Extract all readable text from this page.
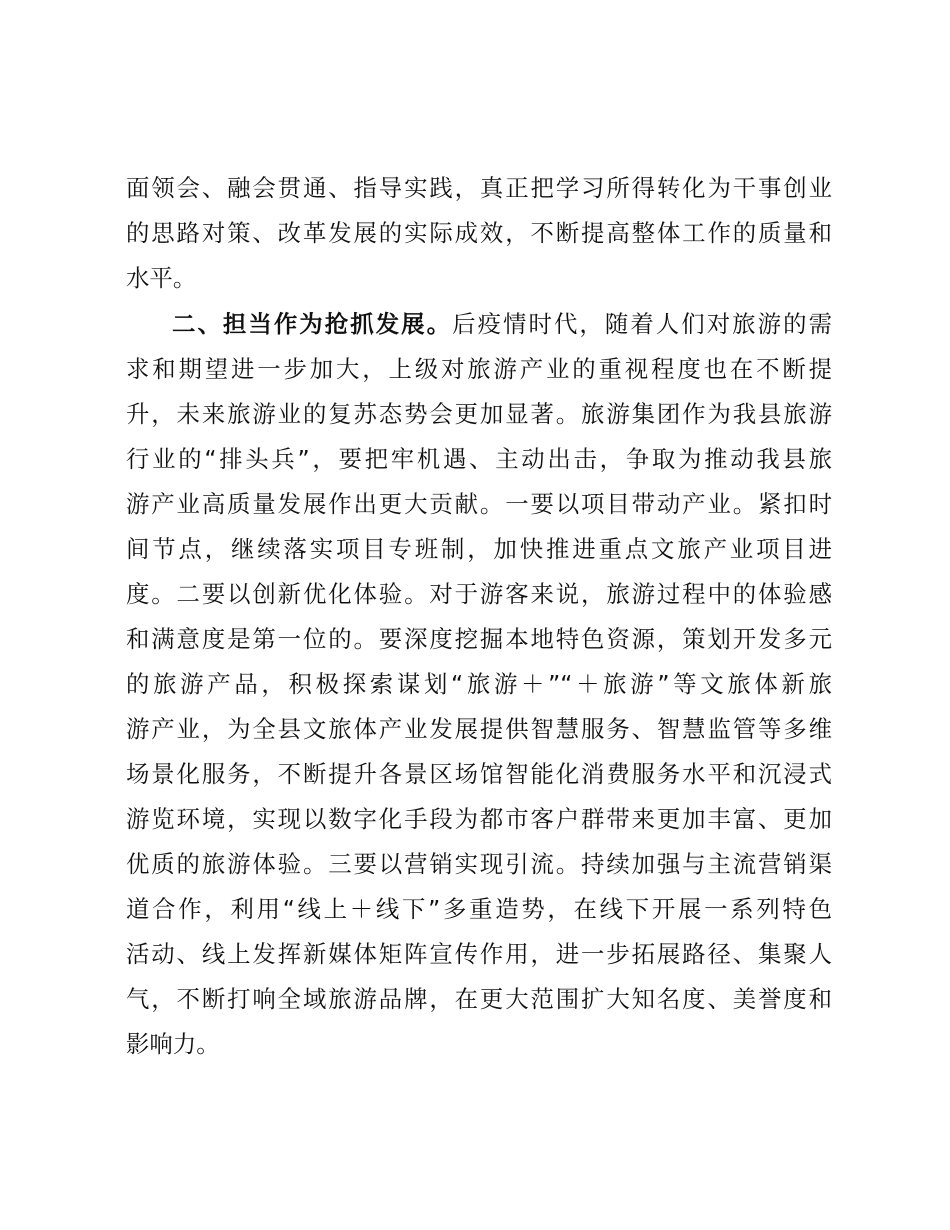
面领会、融会贯通、指导实践，真正把学习所得转化为干事创业
的思路对策、改革发展的实际成效，不断提高整体工作的质量和
水平。
二、担当作为抢抓发展。后疫情时代，随着人们对旅游的需
求和期望进一步加大，上级对旅游产业的重视程度也在不断提
升，未来旅游业的复苏态势会更加显著。旅游集团作为我县旅游
行业的“排头兵”，要把牢机遇、主动出击，争取为推动我县旅
游产业高质量发展作出更大贡献。一要以项目带动产业。紧扣时
间节点，继续落实项目专班制，加快推进重点文旅产业项目进
度。二要以创新优化体验。对于游客来说，旅游过程中的体验感
和满意度是第一位的。要深度挖掘本地特色资源，策划开发多元
的旅游产品，积极探索谋划“旅游＋”“＋旅游”等文旅体新旅
游产业，为全县文旅体产业发展提供智慧服务、智慧监管等多维
场景化服务，不断提升各景区场馆智能化消费服务水平和沉浸式
游览环境，实现以数字化手段为都市客户群带来更加丰富、更加
优质的旅游体验。三要以营销实现引流。持续加强与主流营销渠
道合作，利用“线上＋线下”多重造势，在线下开展一系列特色
活动、线上发挥新媒体矩阵宣传作用，进一步拓展路径、集聚人
气，不断打响全域旅游品牌，在更大范围扩大知名度、美誉度和
影响力。
